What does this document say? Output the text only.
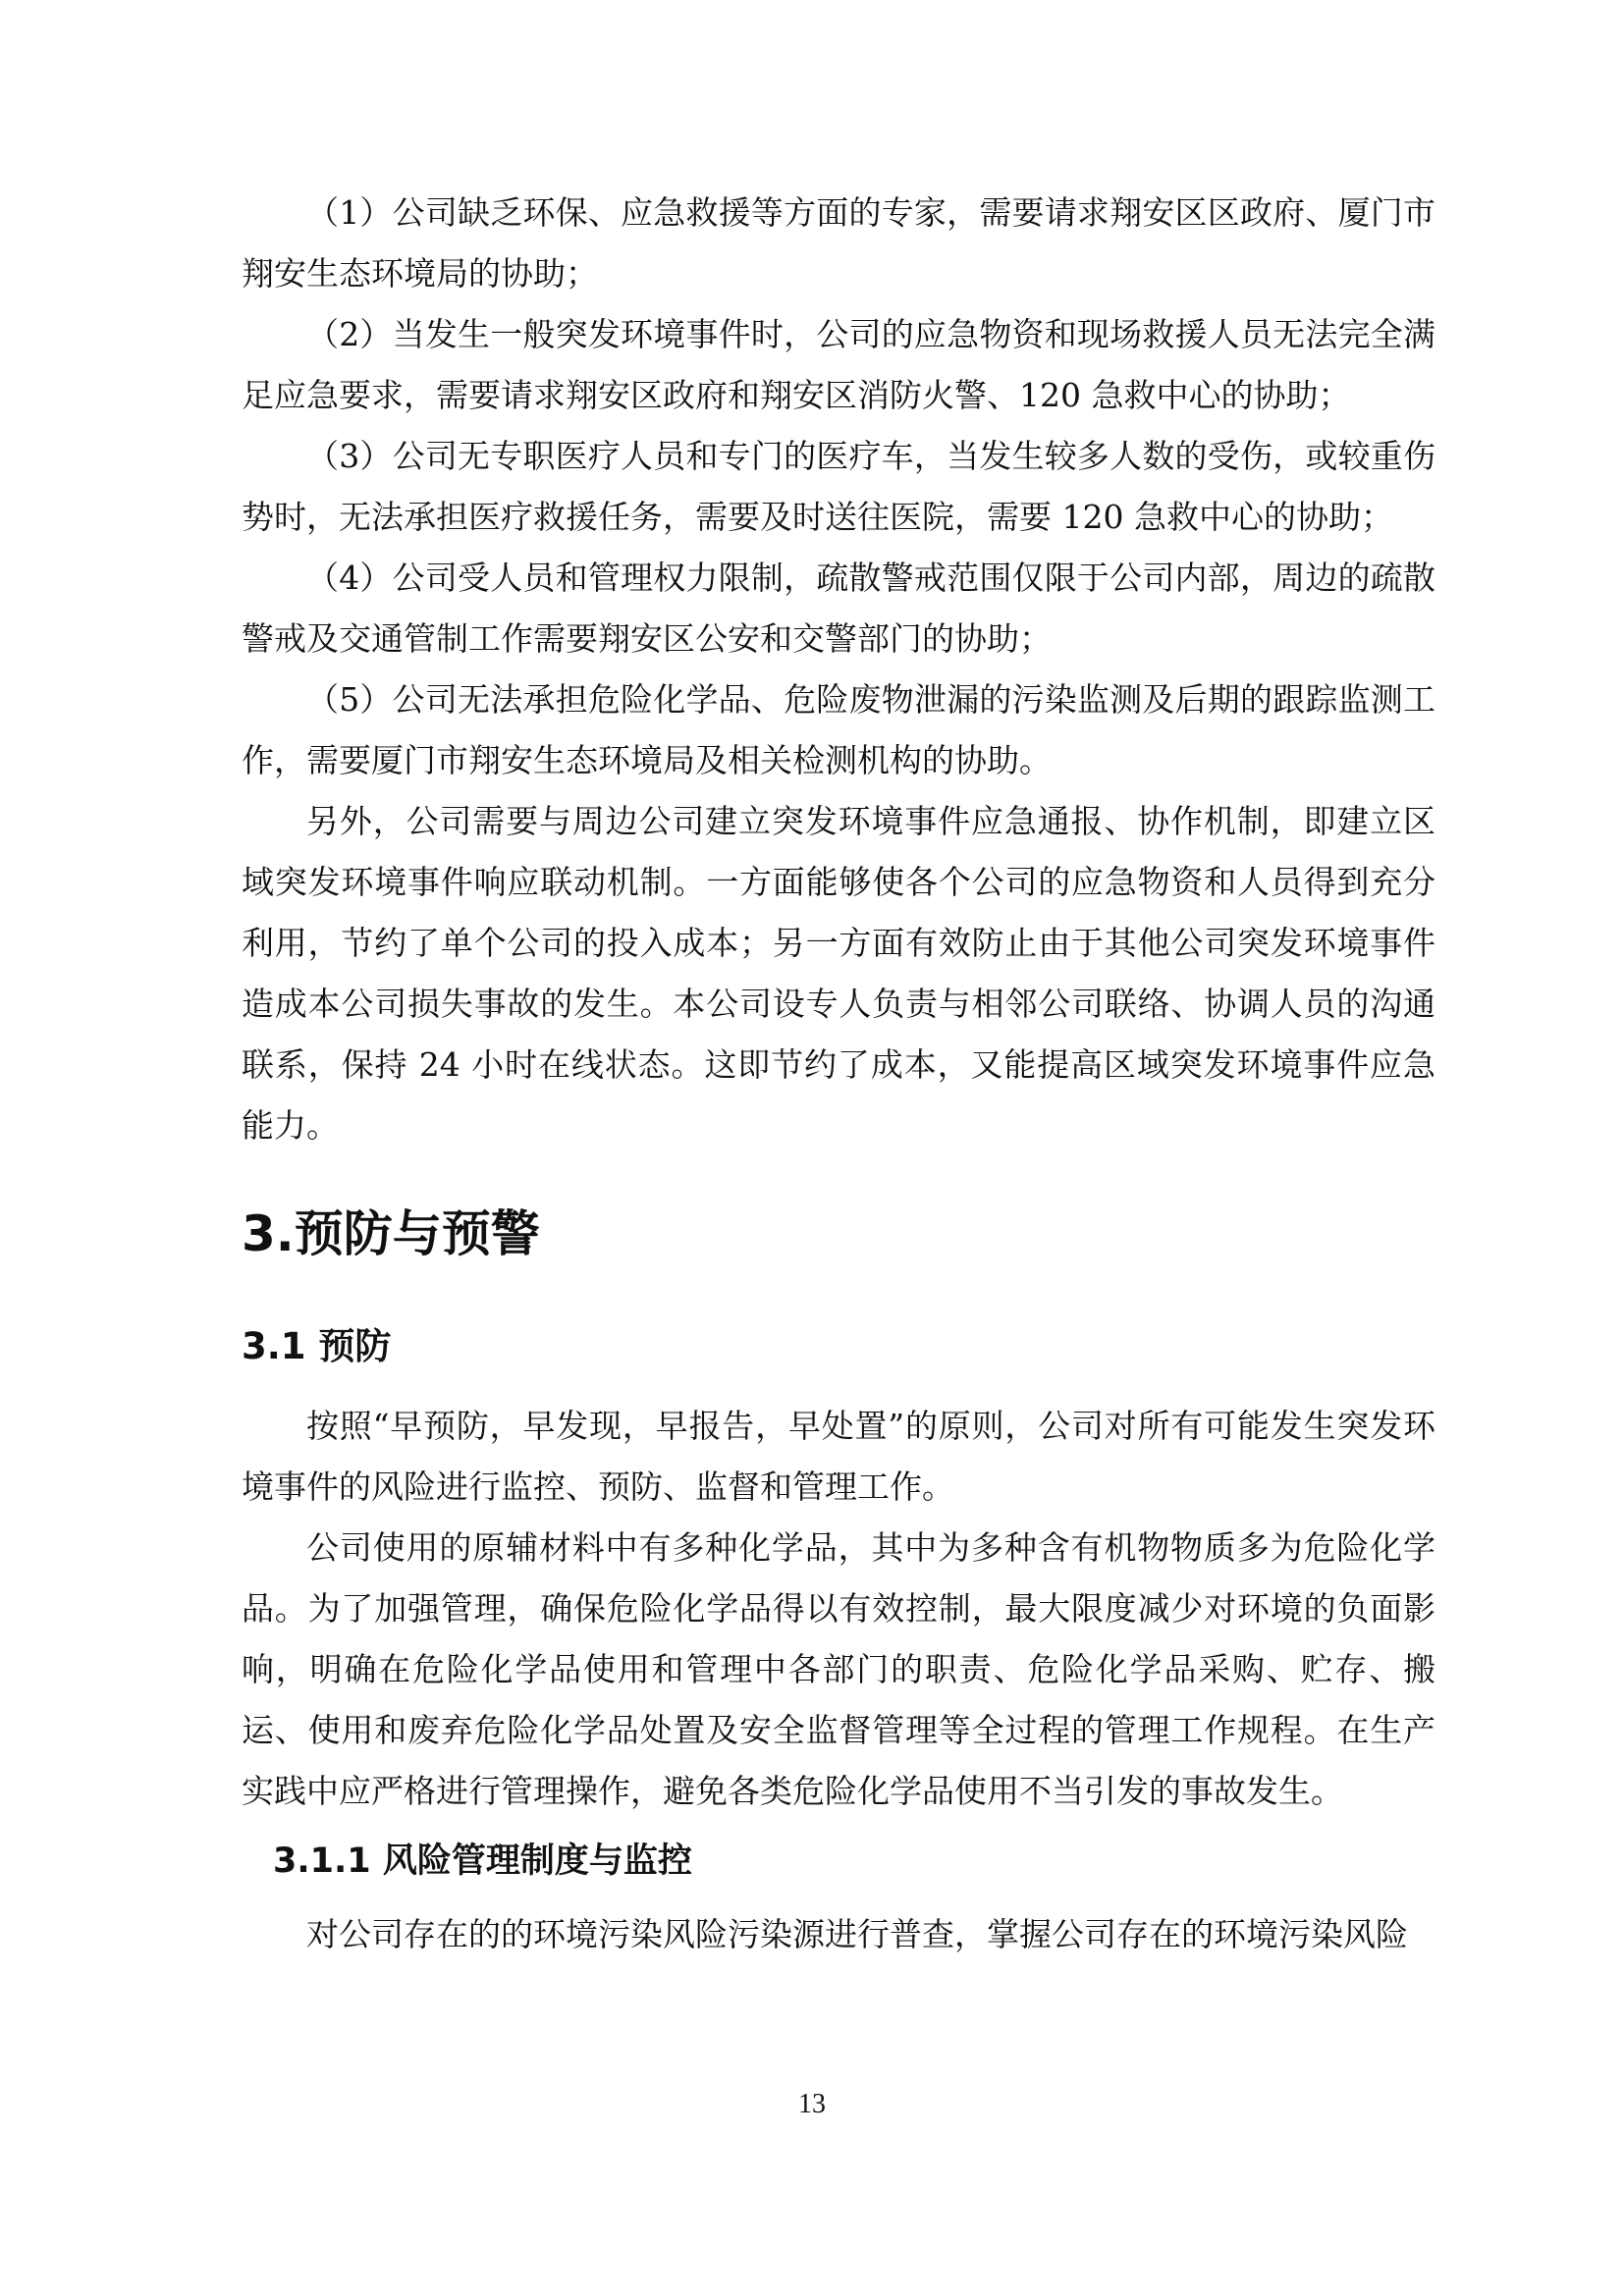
（1）公司缺乏环保、应急救援等方面的专家，需要请求翔安区区政府、厦门市翔安生态环境局的协助；

（2）当发生一般突发环境事件时，公司的应急物资和现场救援人员无法完全满足应急要求，需要请求翔安区政府和翔安区消防火警、120 急救中心的协助；

（3）公司无专职医疗人员和专门的医疗车，当发生较多人数的受伤，或较重伤势时，无法承担医疗救援任务，需要及时送往医院，需要 120 急救中心的协助；

（4）公司受人员和管理权力限制，疏散警戒范围仅限于公司内部，周边的疏散警戒及交通管制工作需要翔安区公安和交警部门的协助；

（5）公司无法承担危险化学品、危险废物泄漏的污染监测及后期的跟踪监测工作，需要厦门市翔安生态环境局及相关检测机构的协助。

另外，公司需要与周边公司建立突发环境事件应急通报、协作机制，即建立区域突发环境事件响应联动机制。一方面能够使各个公司的应急物资和人员得到充分利用，节约了单个公司的投入成本；另一方面有效防止由于其他公司突发环境事件造成本公司损失事故的发生。本公司设专人负责与相邻公司联络、协调人员的沟通联系，保持 24 小时在线状态。这即节约了成本，又能提高区域突发环境事件应急能力。

3.预防与预警
3.1 预防

按照“早预防，早发现，早报告，早处置”的原则，公司对所有可能发生突发环境事件的风险进行监控、预防、监督和管理工作。

公司使用的原辅材料中有多种化学品，其中为多种含有机物物质多为危险化学品。为了加强管理，确保危险化学品得以有效控制，最大限度减少对环境的负面影响，明确在危险化学品使用和管理中各部门的职责、危险化学品采购、贮存、搬运、使用和废弃危险化学品处置及安全监督管理等全过程的管理工作规程。在生产实践中应严格进行管理操作，避免各类危险化学品使用不当引发的事故发生。

3.1.1 风险管理制度与监控

对公司存在的的环境污染风险污染源进行普查，掌握公司存在的环境污染风险

13
